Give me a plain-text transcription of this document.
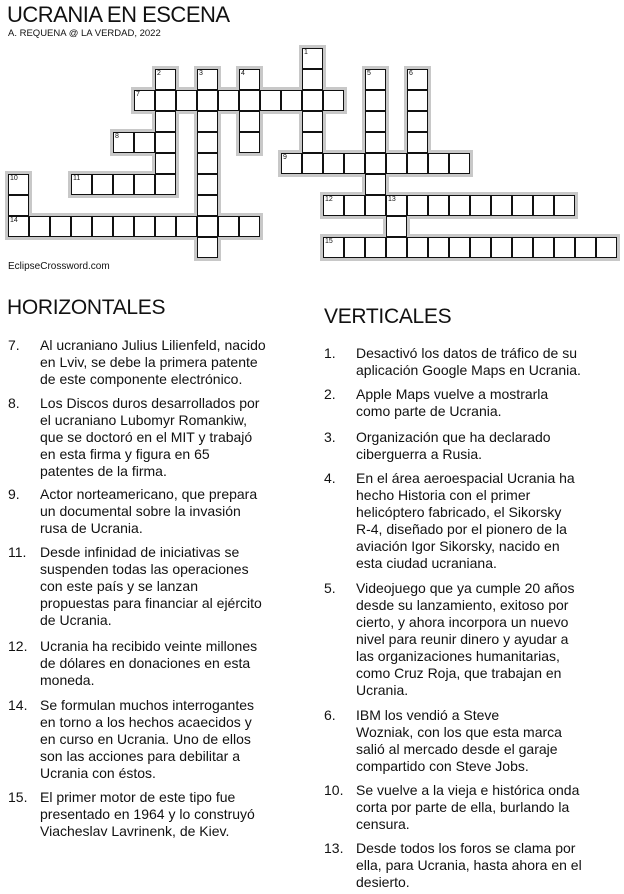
UCRANIA EN ESCENA
A. REQUENA @ LA VERDAD, 2022
1
2	3	4	5	6
7
8
9
10
14
11
12	13
15
EclipseCrossword.com
HORIZONTALES
7. Al ucraniano Julius Lilienfeld, nacido
en Lviv, se debe la primera patente
de este componente electrónico.
8. Los Discos duros desarrollados por
el ucraniano Lubomyr Romankiw,
que se doctoró en el MIT y trabajó
en esta firma y figura en 65
patentes de la firma.
9. Actor norteamericano, que prepara
un documental sobre la invasión
rusa de Ucrania.
11. Desde infinidad de iniciativas se
suspenden todas las operaciones
con este país y se lanzan
propuestas para financiar al ejército
de Ucrania.
12. Ucrania ha recibido veinte millones
de dólares en donaciones en esta
moneda.
14. Se formulan muchos interrogantes
en torno a los hechos acaecidos y
en curso en Ucrania. Uno de ellos
son las acciones para debilitar a
Ucrania con éstos.
15. El primer motor de este tipo fue
presentado en 1964 y lo construyó
Viacheslav Lavrinenk, de Kiev.
VERTICALES
1. Desactivó los datos de tráfico de su
aplicación Google Maps en Ucrania.
2. Apple Maps vuelve a mostrarla
como parte de Ucrania.
3. Organización que ha declarado
ciberguerra a Rusia.
4. En el área aeroespacial Ucrania ha
hecho Historia con el primer
helicóptero fabricado, el Sikorsky
R-4, diseñado por el pionero de la
aviación Igor Sikorsky, nacido en
esta ciudad ucraniana.
5. Videojuego que ya cumple 20 años
desde su lanzamiento, exitoso por
cierto, y ahora incorpora un nuevo
nivel para reunir dinero y ayudar a
las organizaciones humanitarias,
como Cruz Roja, que trabajan en
Ucrania.
6. IBM los vendió a Steve
Wozniak, con los que esta marca
salió al mercado desde el garaje
compartido con Steve Jobs.
10. Se vuelve a la vieja e histórica onda
corta por parte de ella, burlando la
censura.
13. Desde todos los foros se clama por
ella, para Ucrania, hasta ahora en el
desierto.
